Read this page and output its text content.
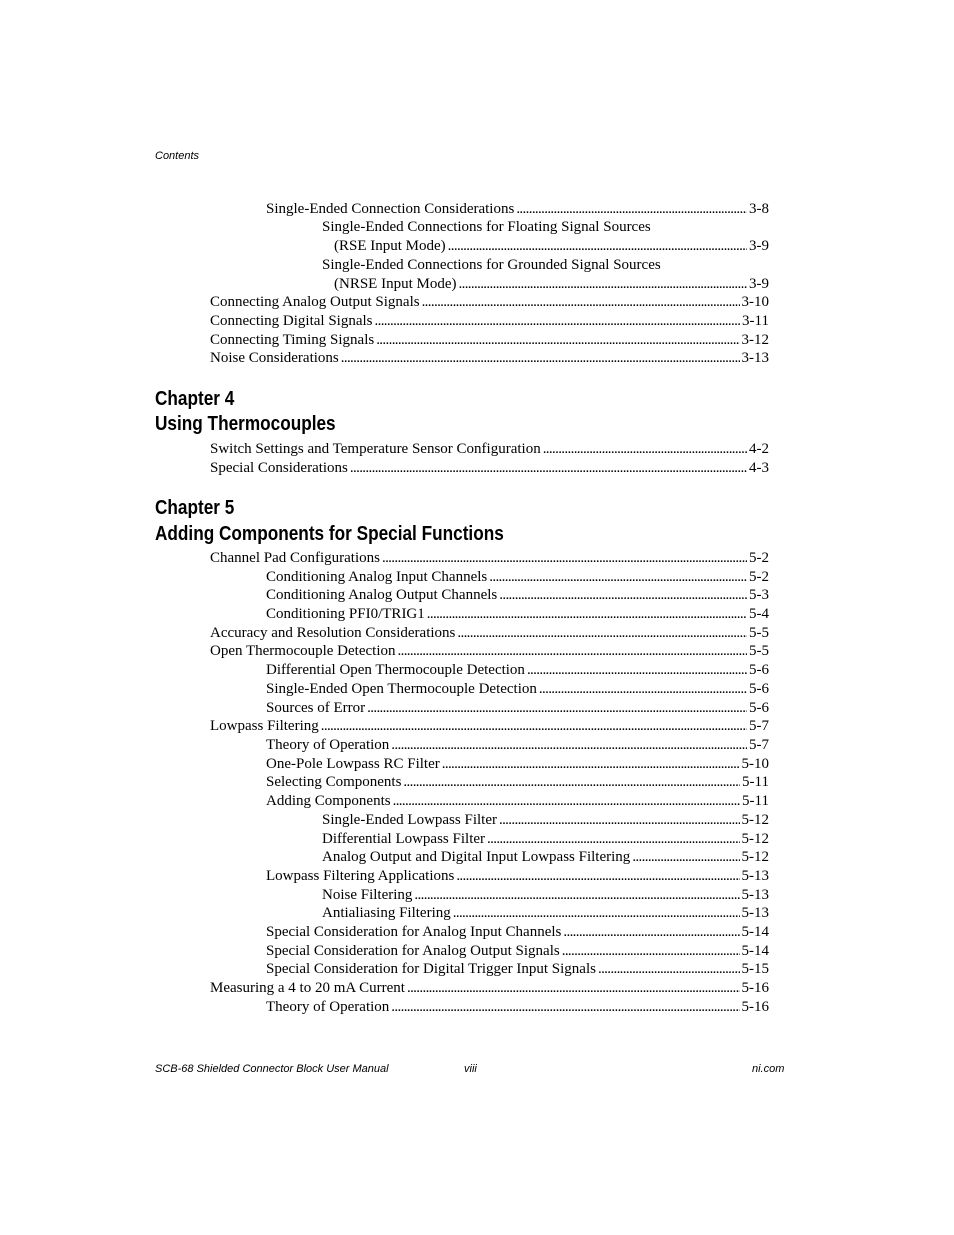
Contents
Single-Ended Connection Considerations . . .	3-8
Single-Ended Connections for Floating Signal Sources
(RSE Input Mode) . . .	3-9
Single-Ended Connections for Grounded Signal Sources
(NRSE Input Mode) . . .	3-9
Connecting Analog Output Signals . . .	3-10
Connecting Digital Signals . . .	3-11
Connecting Timing Signals . . .	3-12
Noise Considerations . . .	3-13
Chapter 4
Using Thermocouples
Switch Settings and Temperature Sensor Configuration . . .	4-2
Special Considerations . . .	4-3
Chapter 5
Adding Components for Special Functions
Channel Pad Configurations . . .	5-2
Conditioning Analog Input Channels . . .	5-2
Conditioning Analog Output Channels . . .	5-3
Conditioning PFI0/TRIG1 . . .	5-4
Accuracy and Resolution Considerations . . .	5-5
Open Thermocouple Detection . . .	5-5
Differential Open Thermocouple Detection . . .	5-6
Single-Ended Open Thermocouple Detection . . .	5-6
Sources of Error . . .	5-6
Lowpass Filtering . . .	5-7
Theory of Operation . . .	5-7
One-Pole Lowpass RC Filter . . .	5-10
Selecting Components . . .	5-11
Adding Components . . .	5-11
Single-Ended Lowpass Filter . . .	5-12
Differential Lowpass Filter . . .	5-12
Analog Output and Digital Input Lowpass Filtering . . .	5-12
Lowpass Filtering Applications . . .	5-13
Noise Filtering . . .	5-13
Antialiasing Filtering . . .	5-13
Special Consideration for Analog Input Channels . . .	5-14
Special Consideration for Analog Output Signals . . .	5-14
Special Consideration for Digital Trigger Input Signals . . .	5-15
Measuring a 4 to 20 mA Current . . .	5-16
Theory of Operation . . .	5-16
SCB-68 Shielded Connector Block User Manual	viii	ni.com
